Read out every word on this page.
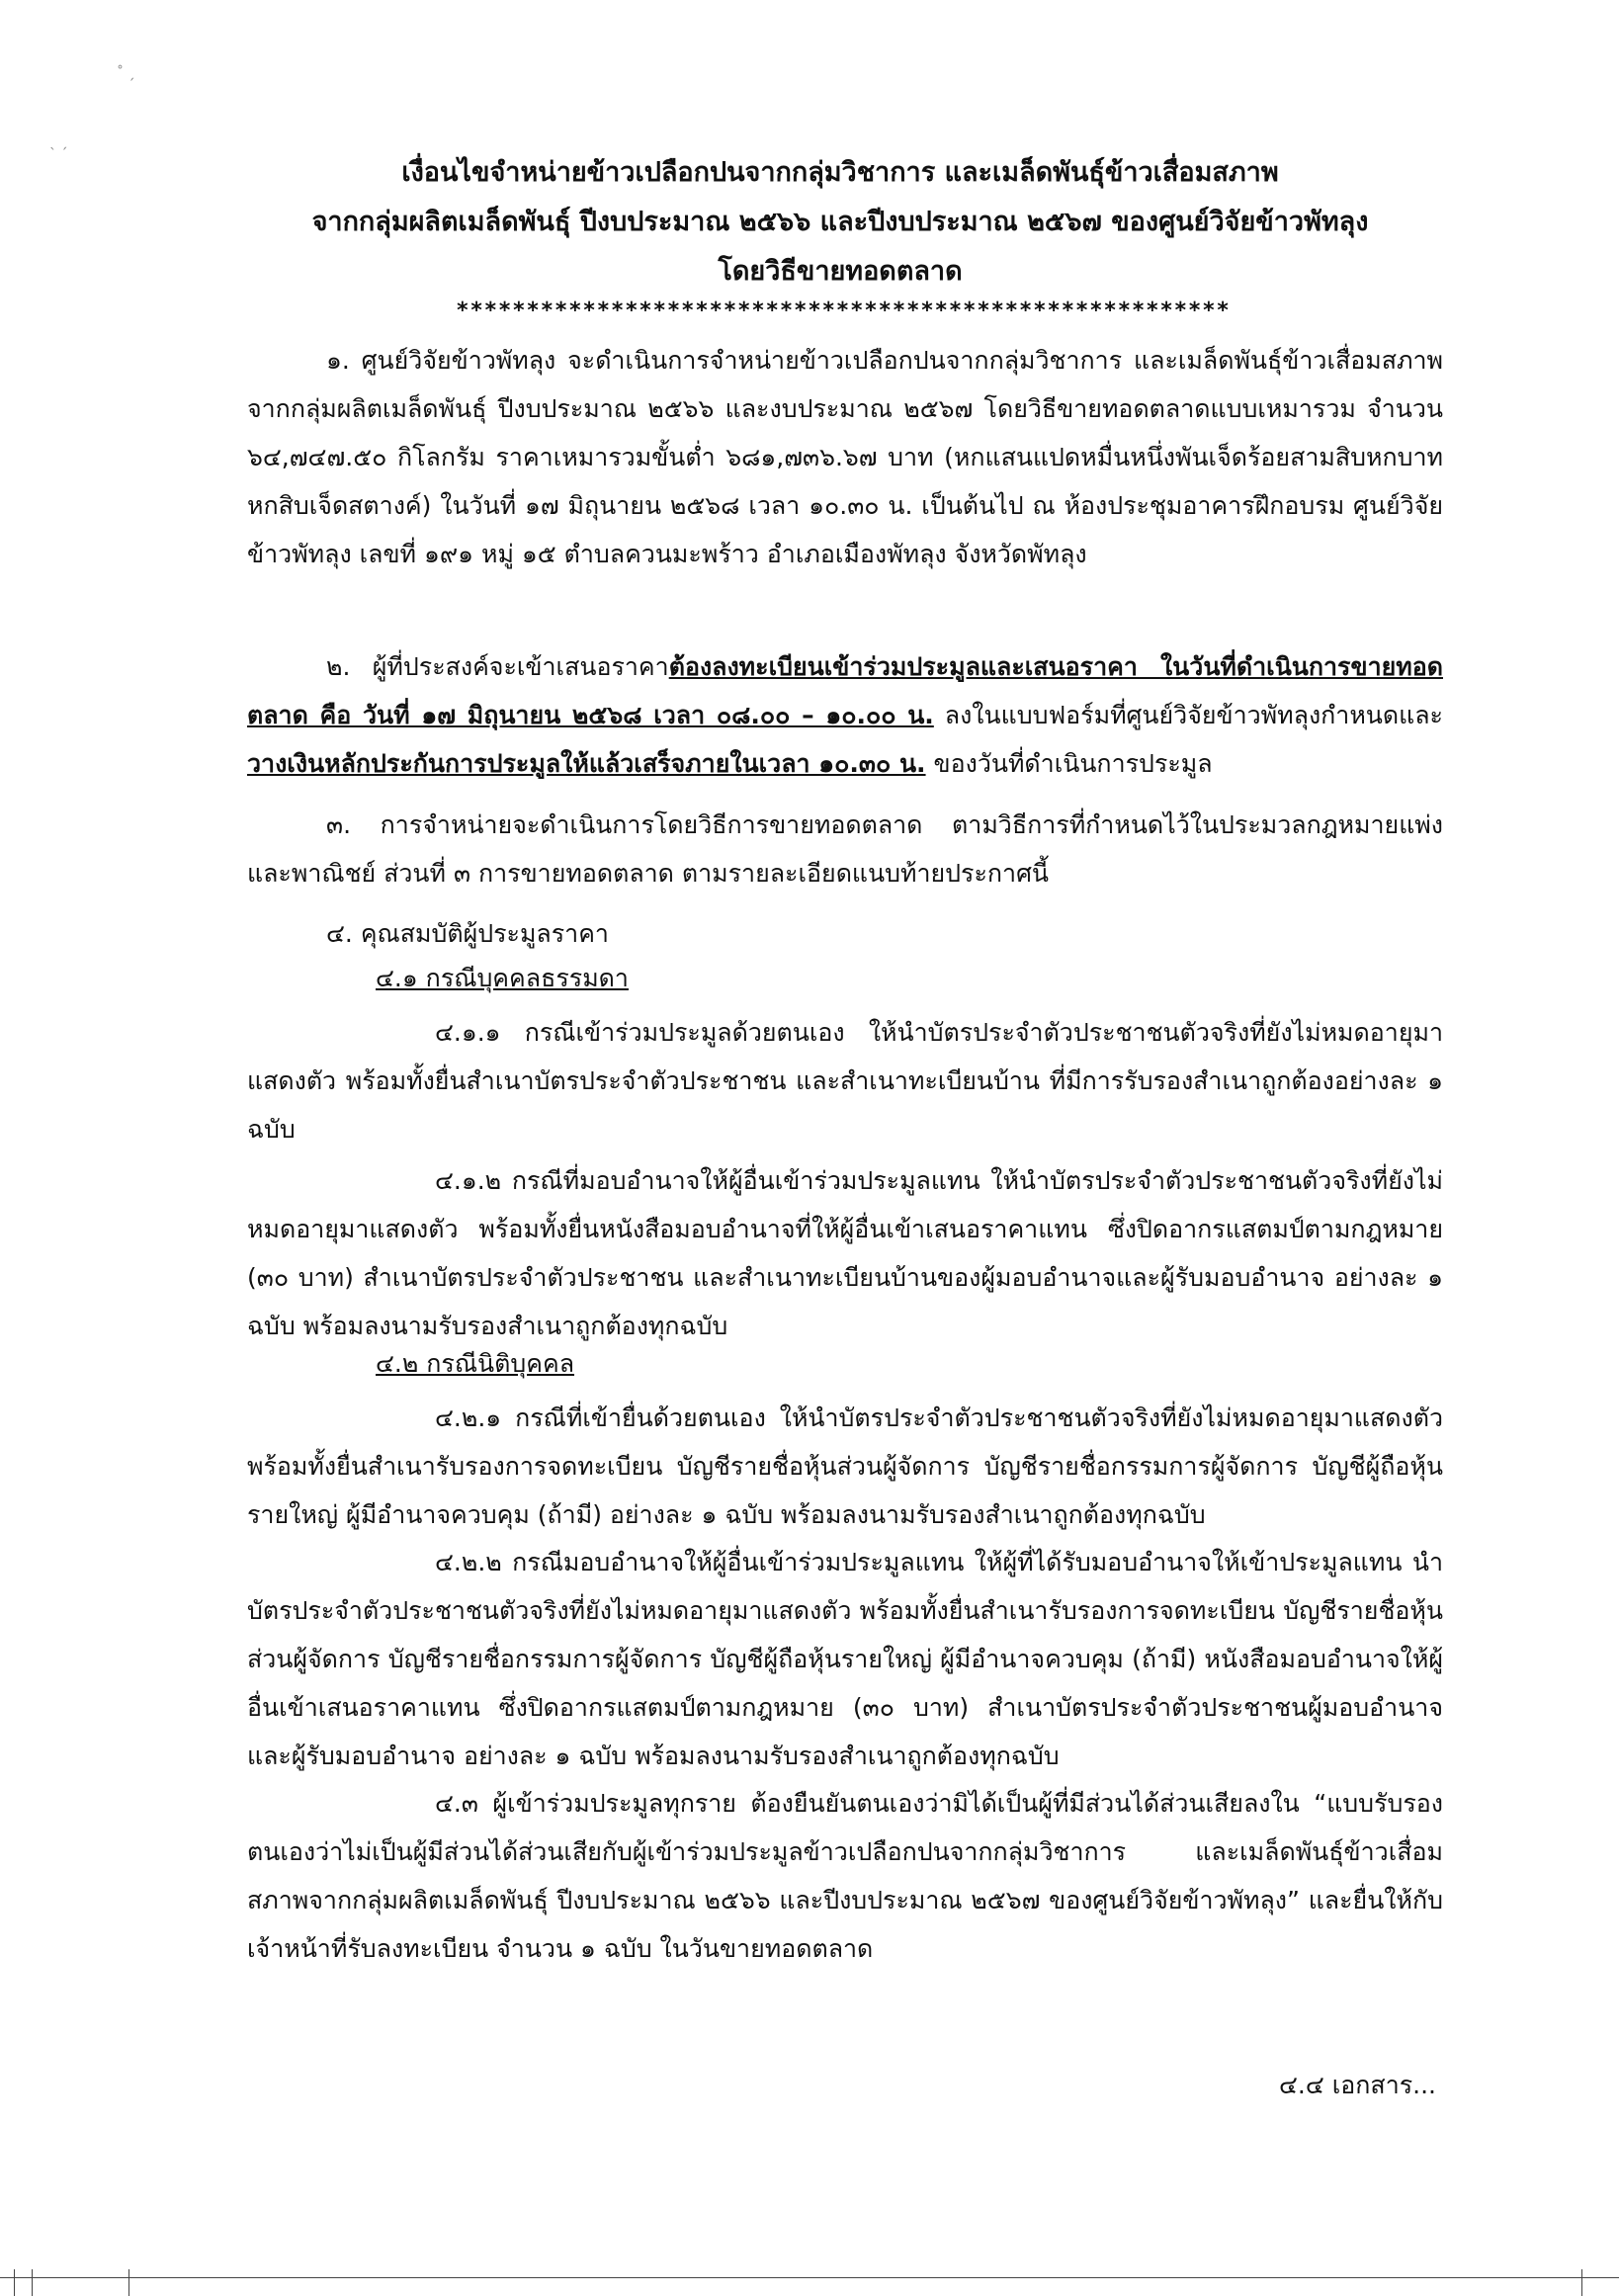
˚ ˏ
ˎ ˏ
เงื่อนไขจำหน่ายข้าวเปลือกปนจากกลุ่มวิชาการ และเมล็ดพันธุ์ข้าวเสื่อมสภาพ
จากกลุ่มผลิตเมล็ดพันธุ์ ปีงบประมาณ ๒๕๖๖ และปีงบประมาณ ๒๕๖๗ ของศูนย์วิจัยข้าวพัทลุง
โดยวิธีขายทอดตลาด
*******************************************************

๑. ศูนย์วิจัยข้าวพัทลุง จะดำเนินการจำหน่ายข้าวเปลือกปนจากกลุ่มวิชาการ และเมล็ดพันธุ์ข้าวเสื่อมสภาพจากกลุ่มผลิตเมล็ดพันธุ์ ปีงบประมาณ ๒๕๖๖ และงบประมาณ ๒๕๖๗ โดยวิธีขายทอดตลาดแบบเหมารวม จำนวน ๖๔,๗๔๗.๕๐ กิโลกรัม ราคาเหมารวมขั้นต่ำ ๖๘๑,๗๓๖.๖๗ บาท (หกแสนแปดหมื่นหนึ่งพันเจ็ดร้อยสามสิบหกบาทหกสิบเจ็ดสตางค์) ในวันที่ ๑๗ มิถุนายน ๒๕๖๘ เวลา ๑๐.๓๐ น. เป็นต้นไป ณ ห้องประชุมอาคารฝึกอบรม ศูนย์วิจัยข้าวพัทลุง เลขที่ ๑๙๑ หมู่ ๑๕ ตำบลควนมะพร้าว อำเภอเมืองพัทลุง จังหวัดพัทลุง

๒. ผู้ที่ประสงค์จะเข้าเสนอราคาต้องลงทะเบียนเข้าร่วมประมูลและเสนอราคา ในวันที่ดำเนินการขายทอดตลาด คือ วันที่ ๑๗ มิถุนายน ๒๕๖๘ เวลา ๐๘.๐๐ – ๑๐.๐๐ น. ลงในแบบฟอร์มที่ศูนย์วิจัยข้าวพัทลุงกำหนดและวางเงินหลักประกันการประมูลให้แล้วเสร็จภายในเวลา ๑๐.๓๐ น. ของวันที่ดำเนินการประมูล

๓. การจำหน่ายจะดำเนินการโดยวิธีการขายทอดตลาด ตามวิธีการที่กำหนดไว้ในประมวลกฎหมายแพ่งและพาณิชย์ ส่วนที่ ๓ การขายทอดตลาด ตามรายละเอียดแนบท้ายประกาศนี้

๔. คุณสมบัติผู้ประมูลราคา

๔.๑ กรณีบุคคลธรรมดา

๔.๑.๑ กรณีเข้าร่วมประมูลด้วยตนเอง ให้นำบัตรประจำตัวประชาชนตัวจริงที่ยังไม่หมดอายุมาแสดงตัว พร้อมทั้งยื่นสำเนาบัตรประจำตัวประชาชน และสำเนาทะเบียนบ้าน ที่มีการรับรองสำเนาถูกต้องอย่างละ ๑ ฉบับ

๔.๑.๒ กรณีที่มอบอำนาจให้ผู้อื่นเข้าร่วมประมูลแทน ให้นำบัตรประจำตัวประชาชนตัวจริงที่ยังไม่หมดอายุมาแสดงตัว พร้อมทั้งยื่นหนังสือมอบอำนาจที่ให้ผู้อื่นเข้าเสนอราคาแทน ซึ่งปิดอากรแสตมป์ตามกฎหมาย (๓๐ บาท) สำเนาบัตรประจำตัวประชาชน และสำเนาทะเบียนบ้านของผู้มอบอำนาจและผู้รับมอบอำนาจ อย่างละ ๑ ฉบับ พร้อมลงนามรับรองสำเนาถูกต้องทุกฉบับ

๔.๒ กรณีนิติบุคคล

๔.๒.๑ กรณีที่เข้ายื่นด้วยตนเอง ให้นำบัตรประจำตัวประชาชนตัวจริงที่ยังไม่หมดอายุมาแสดงตัว พร้อมทั้งยื่นสำเนารับรองการจดทะเบียน บัญชีรายชื่อหุ้นส่วนผู้จัดการ บัญชีรายชื่อกรรมการผู้จัดการ บัญชีผู้ถือหุ้น รายใหญ่ ผู้มีอำนาจควบคุม (ถ้ามี) อย่างละ ๑ ฉบับ พร้อมลงนามรับรองสำเนาถูกต้องทุกฉบับ

๔.๒.๒ กรณีมอบอำนาจให้ผู้อื่นเข้าร่วมประมูลแทน ให้ผู้ที่ได้รับมอบอำนาจให้เข้าประมูลแทน นำบัตรประจำตัวประชาชนตัวจริงที่ยังไม่หมดอายุมาแสดงตัว พร้อมทั้งยื่นสำเนารับรองการจดทะเบียน บัญชีรายชื่อหุ้นส่วนผู้จัดการ บัญชีรายชื่อกรรมการผู้จัดการ บัญชีผู้ถือหุ้นรายใหญ่ ผู้มีอำนาจควบคุม (ถ้ามี) หนังสือมอบอำนาจให้ผู้อื่นเข้าเสนอราคาแทน ซึ่งปิดอากรแสตมป์ตามกฎหมาย (๓๐ บาท) สำเนาบัตรประจำตัวประชาชนผู้มอบอำนาจและผู้รับมอบอำนาจ อย่างละ ๑ ฉบับ พร้อมลงนามรับรองสำเนาถูกต้องทุกฉบับ

๔.๓ ผู้เข้าร่วมประมูลทุกราย ต้องยืนยันตนเองว่ามิได้เป็นผู้ที่มีส่วนได้ส่วนเสียลงใน “แบบรับรองตนเองว่าไม่เป็นผู้มีส่วนได้ส่วนเสียกับผู้เข้าร่วมประมูลข้าวเปลือกปนจากกลุ่มวิชาการ และเมล็ดพันธุ์ข้าวเสื่อมสภาพจากกลุ่มผลิตเมล็ดพันธุ์ ปีงบประมาณ ๒๕๖๖ และปีงบประมาณ ๒๕๖๗ ของศูนย์วิจัยข้าวพัทลุง” และยื่นให้กับเจ้าหน้าที่รับลงทะเบียน จำนวน ๑ ฉบับ ในวันขายทอดตลาด

๔.๔ เอกสาร...
